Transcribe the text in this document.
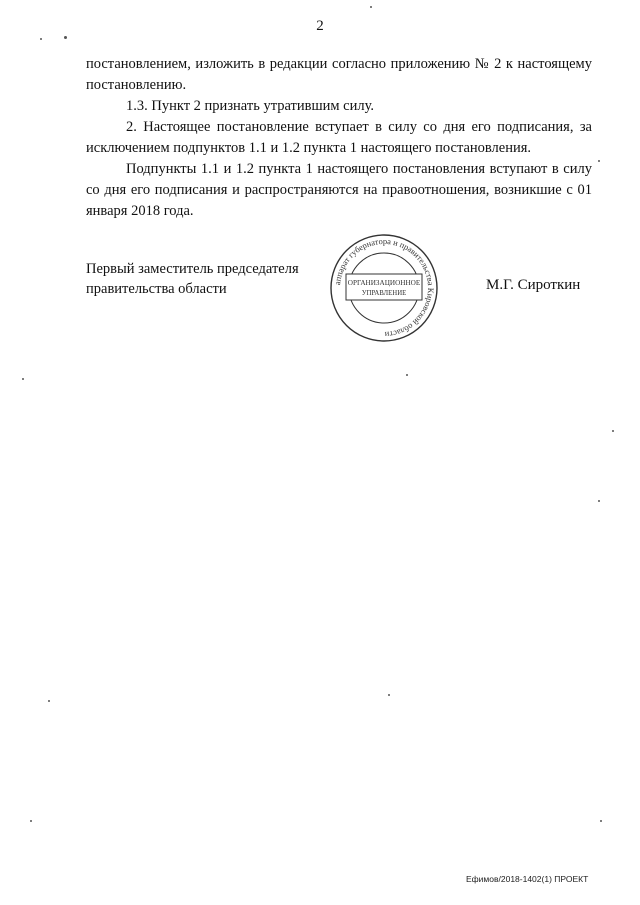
2

постановлением, изложить в редакции согласно приложению № 2 к настоящему постановлению.

1.3. Пункт 2 признать утратившим силу.

2. Настоящее постановление вступает в силу со дня его подписания, за исключением подпунктов 1.1 и 1.2 пункта 1 настоящего постановления.

Подпункты 1.1 и 1.2 пункта 1 настоящего постановления вступают в силу со дня его подписания и распространяются на правоотношения, возникшие с 01 января 2018 года.

Первый заместитель председателя
правительства области	аппарат губернатора и правительства Кировской области
ОРГАНИЗАЦИОННОЕ
УПРАВЛЕНИЕ
М.Г. Сироткин
Ефимов/2018-1402(1) ПРОЕКТ
